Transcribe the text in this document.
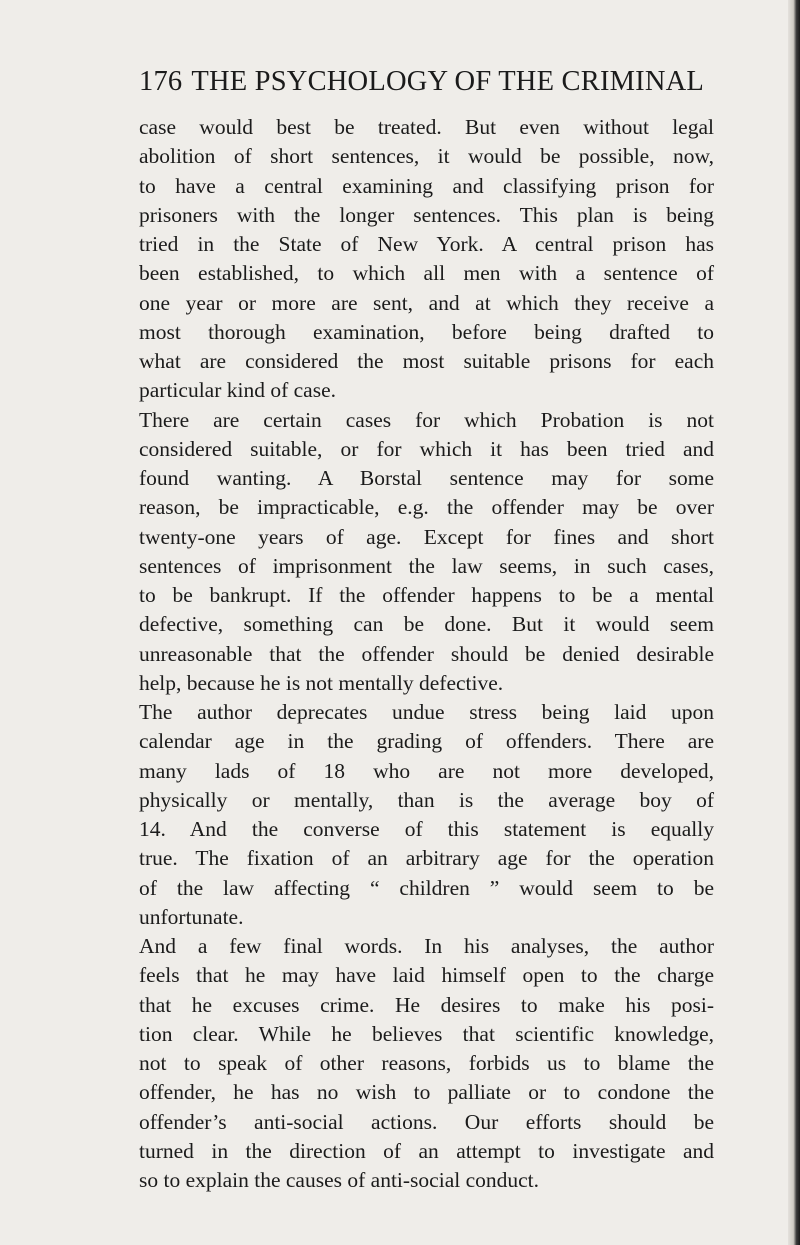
176 THE PSYCHOLOGY OF THE CRIMINAL
case would best be treated. But even without legal
abolition of short sentences, it would be possible, now,
to have a central examining and classifying prison for
prisoners with the longer sentences. This plan is being
tried in the State of New York. A central prison has
been established, to which all men with a sentence of
one year or more are sent, and at which they receive a
most thorough examination, before being drafted to
what are considered the most suitable prisons for each
particular kind of case.
There are certain cases for which Probation is not
considered suitable, or for which it has been tried and
found wanting. A Borstal sentence may for some
reason, be impracticable, e.g. the offender may be over
twenty-one years of age. Except for fines and short
sentences of imprisonment the law seems, in such cases,
to be bankrupt. If the offender happens to be a mental
defective, something can be done. But it would seem
unreasonable that the offender should be denied desirable
help, because he is not mentally defective.
The author deprecates undue stress being laid upon
calendar age in the grading of offenders. There are
many lads of 18 who are not more developed,
physically or mentally, than is the average boy of
14. And the converse of this statement is equally
true. The fixation of an arbitrary age for the operation
of the law affecting “ children ” would seem to be
unfortunate.
And a few final words. In his analyses, the author
feels that he may have laid himself open to the charge
that he excuses crime. He desires to make his posi-
tion clear. While he believes that scientific knowledge,
not to speak of other reasons, forbids us to blame the
offender, he has no wish to palliate or to condone the
offender’s anti-social actions. Our efforts should be
turned in the direction of an attempt to investigate and
so to explain the causes of anti-social conduct.
